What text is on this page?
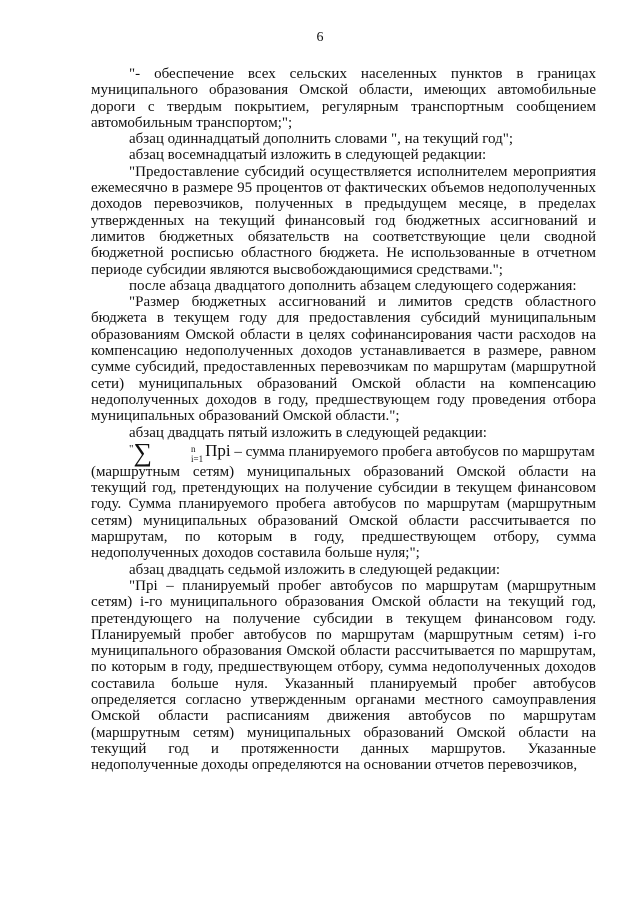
6

"- обеспечение всех сельских населенных пунктов в границах муниципального образования Омской области, имеющих автомобильные дороги с твердым покрытием, регулярным транспортным сообщением автомобильным транспортом;";

абзац одиннадцатый дополнить словами ", на текущий год";

абзац восемнадцатый изложить в следующей редакции:

"Предоставление субсидий осуществляется исполнителем мероприятия ежемесячно в размере 95 процентов от фактических объемов недополученных доходов перевозчиков, полученных в предыдущем месяце, в пределах утвержденных на текущий финансовый год бюджетных ассигнований и лимитов бюджетных обязательств на соответствующие цели сводной бюджетной росписью областного бюджета. Не использованные в отчетном периоде субсидии являются высвобождающимися средствами.";

после абзаца двадцатого дополнить абзацем следующего содержания:

"Размер бюджетных ассигнований и лимитов средств областного бюджета в текущем году для предоставления субсидий муниципальным образованиям Омской области в целях софинансирования части расходов на компенсацию недополученных доходов устанавливается в размере, равном сумме субсидий, предоставленных перевозчикам по маршрутам (маршрутной сети) муниципальных образований Омской области на компенсацию недополученных доходов в году, предшествующем году проведения отбора муниципальных образований Омской области.";

абзац двадцать пятый изложить в следующей редакции:

"∑	n
i=1 Пpi – сумма планируемого пробега автобусов по маршрутам

(маршрутным сетям) муниципальных образований Омской области на текущий год, претендующих на получение субсидии в текущем финансовом году. Сумма планируемого пробега автобусов по маршрутам (маршрутным сетям) муниципальных образований Омской области рассчитывается по маршрутам, по которым в году, предшествующем отбору, сумма недополученных доходов составила больше нуля;";

абзац двадцать седьмой изложить в следующей редакции:

"Пpi – планируемый пробег автобусов по маршрутам (маршрутным сетям) i-го муниципального образования Омской области на текущий год, претендующего на получение субсидии в текущем финансовом году. Планируемый пробег автобусов по маршрутам (маршрутным сетям) i-го муниципального образования Омской области рассчитывается по маршрутам, по которым в году, предшествующем отбору, сумма недополученных доходов составила больше нуля. Указанный планируемый пробег автобусов определяется согласно утвержденным органами местного самоуправления Омской области расписаниям движения автобусов по маршрутам (маршрутным сетям) муниципальных образований Омской области на текущий год и протяженности данных маршрутов. Указанные недополученные доходы определяются на основании отчетов перевозчиков,
